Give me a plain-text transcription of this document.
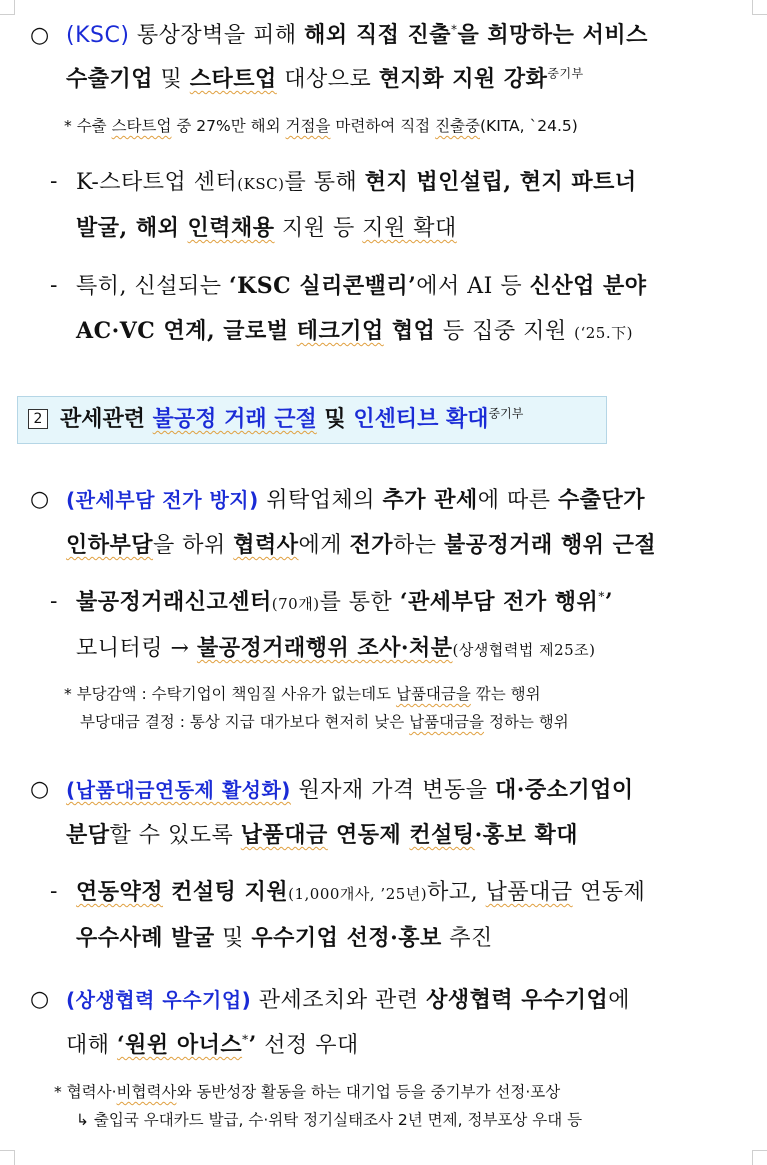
○ (KSC) 통상장벽을 피해 해외 직접 진출*을 희망하는 서비스
수출기업 및 스타트업 대상으로 현지화 지원 강화$^{중기부}$
* 수출 스타트업 중 27%만 해외 거점을 마련하여 직접 진출중(KITA, `24.5)
- K-스타트업 센터(KSC)를 통해 현지 법인설립, 현지 파트너
발굴, 해외 인력채용 지원 등 지원 확대
- 특히, 신설되는 ‘KSC 실리콘밸리’에서 AI 등 신산업 분야
AC·VC 연계, 글로벌 테크기업 협업 등 집중 지원 (‘25.下)
2 관세관련 불공정 거래 근절 및 인센티브 확대$^{중기부}$
○ (관세부담 전가 방지) 위탁업체의 추가 관세에 따른 수출단가
인하부담을 하위 협력사에게 전가하는 불공정거래 행위 근절
- 불공정거래신고센터(70개)를 통한 ‘관세부담 전가 행위*’
모니터링 → 불공정거래행위 조사·처분(상생협력법 제25조)
* 부당감액 : 수탁기업이 책임질 사유가 없는데도 납품대금을 깎는 행위
부당대금 결정 : 통상 지급 대가보다 현저히 낮은 납품대금을 정하는 행위
○ (납품대금연동제 활성화) 원자재 가격 변동을 대·중소기업이
분담할 수 있도록 납품대금 연동제 컨설팅·홍보 확대
- 연동약정 컨설팅 지원(1,000개사, ’25년)하고, 납품대금 연동제
우수사례 발굴 및 우수기업 선정·홍보 추진
○ (상생협력 우수기업) 관세조치와 관련 상생협력 우수기업에
대해 ‘원윈 아너스*’ 선정 우대
* 협력사·비협력사와 동반성장 활동을 하는 대기업 등을 중기부가 선정·포상
↳ 출입국 우대카드 발급, 수·위탁 정기실태조사 2년 면제, 정부포상 우대 등
